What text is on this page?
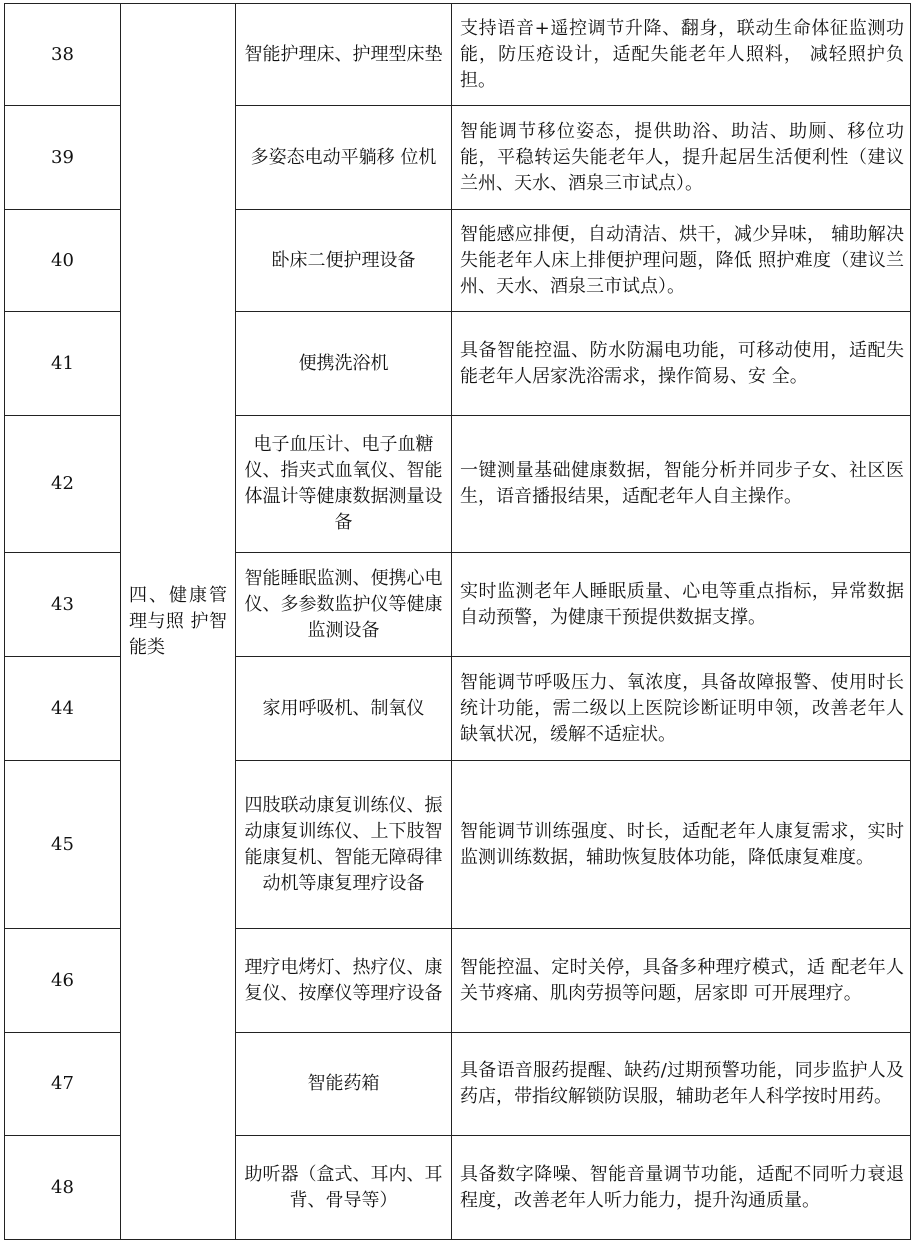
38	四、健康管理与照 护智能类	智能护理床、护理型床垫	支持语音+遥控调节升降、翻身，联动生命体征监测功能，防压疮设计，适配失能老年人照料， 减轻照护负担。
39		多姿态电动平躺移 位机	智能调节移位姿态，提供助浴、助洁、助厕、移位功能，平稳转运失能老年人，提升起居生活便利性（建议兰州、天水、酒泉三市试点）。
40		卧床二便护理设备	智能感应排便，自动清洁、烘干，减少异味， 辅助解决失能老年人床上排便护理问题，降低 照护难度（建议兰州、天水、酒泉三市试点）。
41		便携洗浴机	具备智能控温、防水防漏电功能，可移动使用，适配失能老年人居家洗浴需求，操作简易、安 全。
42		电子血压计、电子血糖仪、指夹式血氧仪、智能体温计等健康数据测量设备	一键测量基础健康数据，智能分析并同步子女、社区医生，语音播报结果，适配老年人自主操作。
43		智能睡眠监测、便携心电仪、多参数监护仪等健康监测设备	实时监测老年人睡眠质量、心电等重点指标，异常数据自动预警，为健康干预提供数据支撑。
44		家用呼吸机、制氧仪	智能调节呼吸压力、氧浓度，具备故障报警、使用时长统计功能，需二级以上医院诊断证明申领，改善老年人缺氧状况，缓解不适症状。
45		四肢联动康复训练仪、振动康复训练仪、上下肢智能康复机、智能无障碍律动机等康复理疗设备	智能调节训练强度、时长，适配老年人康复需求，实时监测训练数据，辅助恢复肢体功能，降低康复难度。
46		理疗电烤灯、热疗仪、康复仪、按摩仪等理疗设备	智能控温、定时关停，具备多种理疗模式，适 配老年人关节疼痛、肌肉劳损等问题，居家即 可开展理疗。
47		智能药箱	具备语音服药提醒、缺药/过期预警功能，同步监护人及药店，带指纹解锁防误服，辅助老年人科学按时用药。
48		助听器（盒式、耳内、耳背、骨导等）	具备数字降噪、智能音量调节功能，适配不同听力衰退程度，改善老年人听力能力，提升沟通质量。
